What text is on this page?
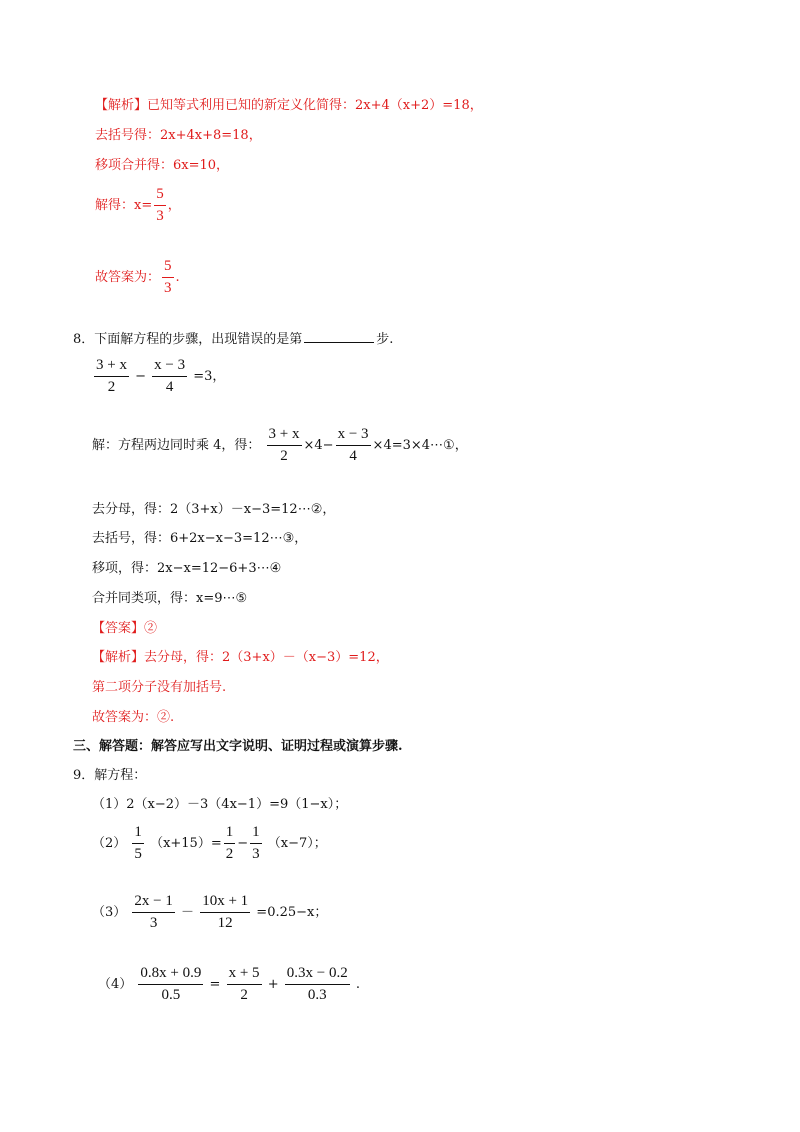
【解析】已知等式利用已知的新定义化简得：2x+4（x+2）=18，
去括号得：2x+4x+8=18，
移项合并得：6x=10，
解得：$x= \frac{5}{3}$ ，
故答案为： $\frac{5}{3}$ .
8．下面解方程的步骤，出现错误的是第	步.
$\frac{3 + x}{2} - \frac{x - 3}{4} =3$，
解：方程两边同时乘 4，得： $\frac{3 + x}{2} \times 4- \frac{x - 3}{4}$ ×4=3×4⋯①，
去分母，得：2（3+x）－x−3=12⋯②，
去括号，得：6+2x−x−3=12⋯③，
移项，得：2x−x=12−6+3⋯④
合并同类项，得：x=9⋯⑤
【答案】②
【解析】去分母，得：2（3+x）－（x−3）=12，
第二项分子没有加括号.
故答案为：②.
三、解答题：解答应写出文字说明、证明过程或演算步骤.
9．解方程：
（1）2（x−2）－3（4x−1）=9（1−x）；
$(2) \frac{1}{5} (x+15)= \frac{1}{2} - \frac{1}{3} (x-7)$；
$(3) \frac{2x - 1}{3} - \frac{10x + 1}{12} =0.25-x$；
$(4) \frac{0.8x + 0.9}{0.5} = \frac{x + 5}{2} + \frac{0.3x - 0.2}{0.3}$ .
